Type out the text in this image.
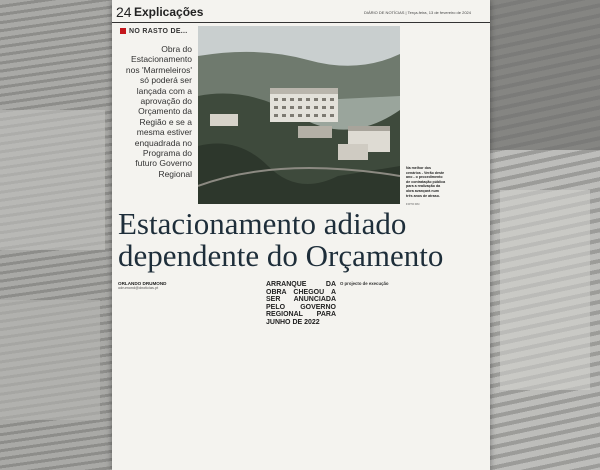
24 Explicações	DIÁRIO DE NOTÍCIAS | Terça-feira, 13 de fevereiro de 2024
NO RASTO DE...
Obra do Estacionamento nos 'Marmeleiros' só poderá ser lançada com a aprovação do Orçamento da Região e se a mesma estiver enquadrada no Programa do futuro Governo Regional
Na melhor dos cenários - Verão deste ano - o procedimento de contratação pública para a realização da obra avançará num três anos de atraso.
FOTO DN
Estacionamento adiado
dependente do Orçamento
ORLANDO DRUMOND
odrumond@dnoticias.pt
ARRANQUE DA OBRA CHEGOU A SER ANUNCIADA PELO GOVERNO REGIONAL PARA JUNHO DE 2022
O projecto de execução
